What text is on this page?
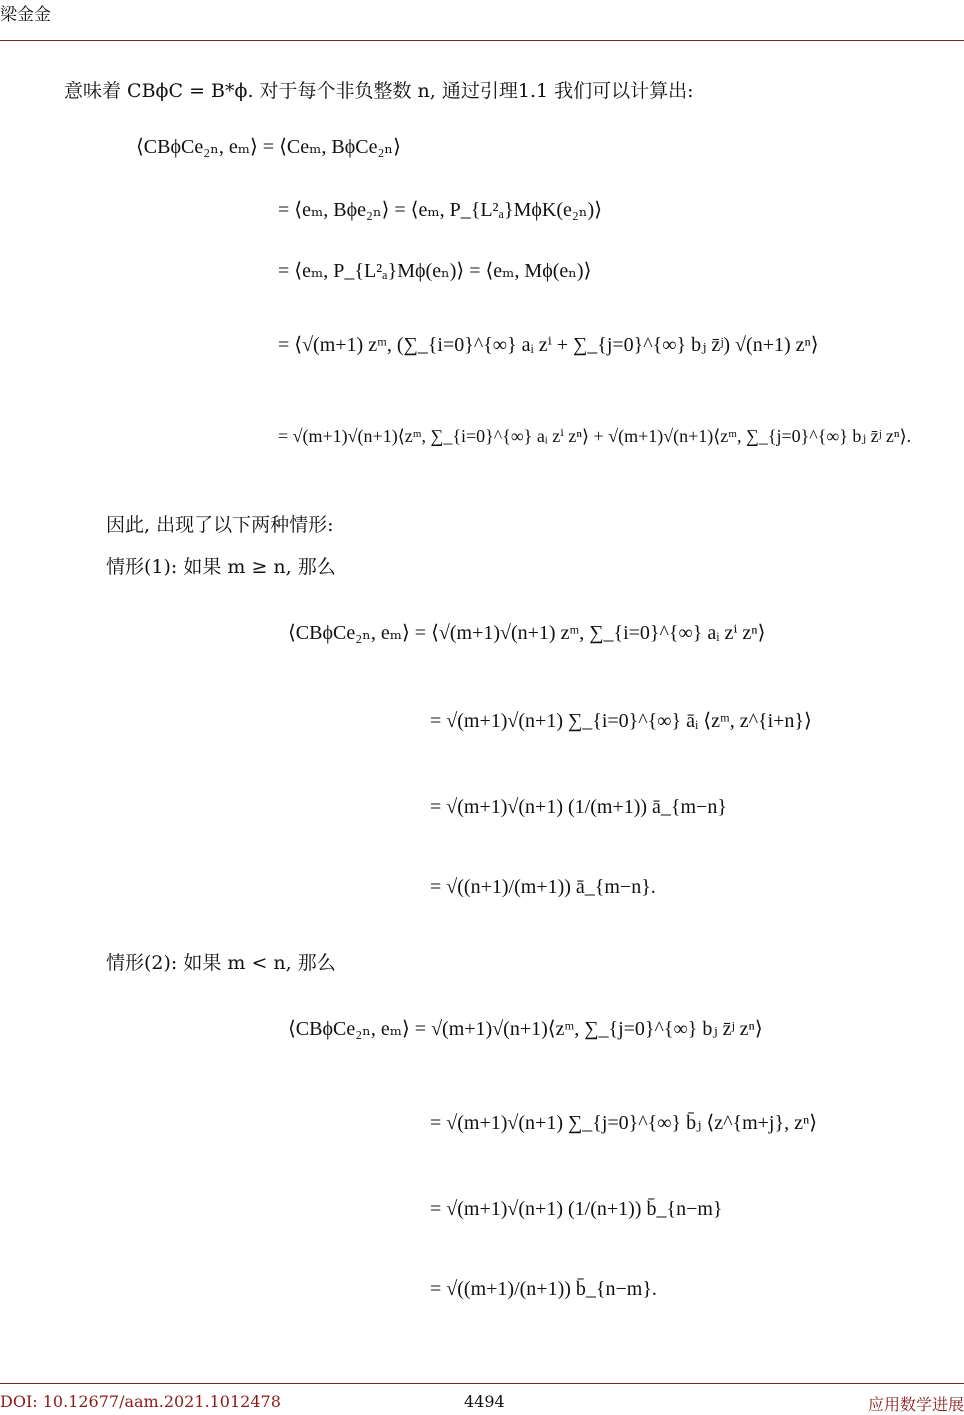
梁金金
意味着 CBϕC = B*ϕ. 对于每个非负整数 n, 通过引理1.1 我们可以计算出:
⟨CBϕCe₂ₙ, eₘ⟩ = ⟨Ceₘ, BϕCe₂ₙ⟩
= ⟨eₘ, Bϕe₂ₙ⟩ = ⟨eₘ, P_{L²ₐ}MϕK(e₂ₙ)⟩
= ⟨eₘ, P_{L²ₐ}Mϕ(eₙ)⟩ = ⟨eₘ, Mϕ(eₙ)⟩
= ⟨√(m+1) zᵐ, (∑_{i=0}^{∞} aᵢ zⁱ + ∑_{j=0}^{∞} bⱼ z̄ʲ) √(n+1) zⁿ⟩
= √(m+1)√(n+1)⟨zᵐ, ∑_{i=0}^{∞} aᵢ zⁱ zⁿ⟩ + √(m+1)√(n+1)⟨zᵐ, ∑_{j=0}^{∞} bⱼ z̄ʲ zⁿ⟩.
因此, 出现了以下两种情形:
情形(1): 如果 m ≥ n, 那么
⟨CBϕCe₂ₙ, eₘ⟩ = ⟨√(m+1)√(n+1) zᵐ, ∑_{i=0}^{∞} aᵢ zⁱ zⁿ⟩
= √(m+1)√(n+1) ∑_{i=0}^{∞} āᵢ ⟨zᵐ, z^{i+n}⟩
= √(m+1)√(n+1) (1/(m+1)) ā_{m−n}
= √((n+1)/(m+1)) ā_{m−n}.
情形(2): 如果 m < n, 那么
⟨CBϕCe₂ₙ, eₘ⟩ = √(m+1)√(n+1)⟨zᵐ, ∑_{j=0}^{∞} bⱼ z̄ʲ zⁿ⟩
= √(m+1)√(n+1) ∑_{j=0}^{∞} b̄ⱼ ⟨z^{m+j}, zⁿ⟩
= √(m+1)√(n+1) (1/(n+1)) b̄_{n−m}
= √((m+1)/(n+1)) b̄_{n−m}.
DOI: 10.12677/aam.2021.1012478	4494	应用数学进展
